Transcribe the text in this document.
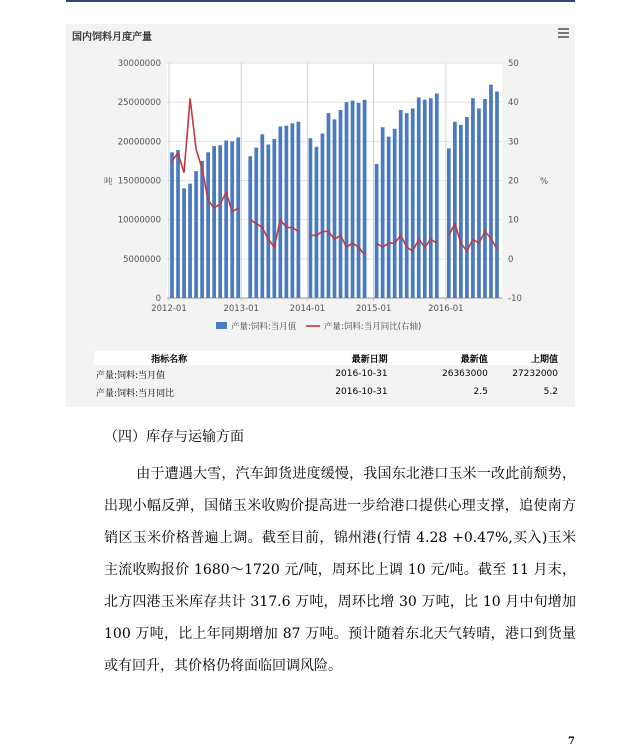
国内饲料月度产量
0
5000000
10000000
15000000
20000000
25000000
30000000
-10
0
10
20
30
40
50
吨	%
2012-01	2013-01	2014-01	2015-01	2016-01
产量:饲料:当月值	产量:饲料:当月同比(右轴)
指标名称	最新日期	最新值	上期值
产量:饲料:当月值	2016-10-31	26363000	27232000
产量:饲料:当月同比	2016-10-31	2.5	5.2
（四）库存与运输方面
由于遭遇大雪，汽车卸货进度缓慢，我国东北港口玉米一改此前颓势，出现小幅反弹，国储玉米收购价提高进一步给港口提供心理支撑，追使南方销区玉米价格普遍上调。截至目前，锦州港(行情 4.28 +0.47%,买入)玉米主流收购报价 1680～1720 元/吨，周环比上调 10 元/吨。截至 11 月末，北方四港玉米库存共计 317.6 万吨，周环比增 30 万吨，比 10 月中旬增加 100 万吨，比上年同期增加 87 万吨。预计随着东北天气转晴，港口到货量或有回升，其价格仍将面临回调风险。
7
